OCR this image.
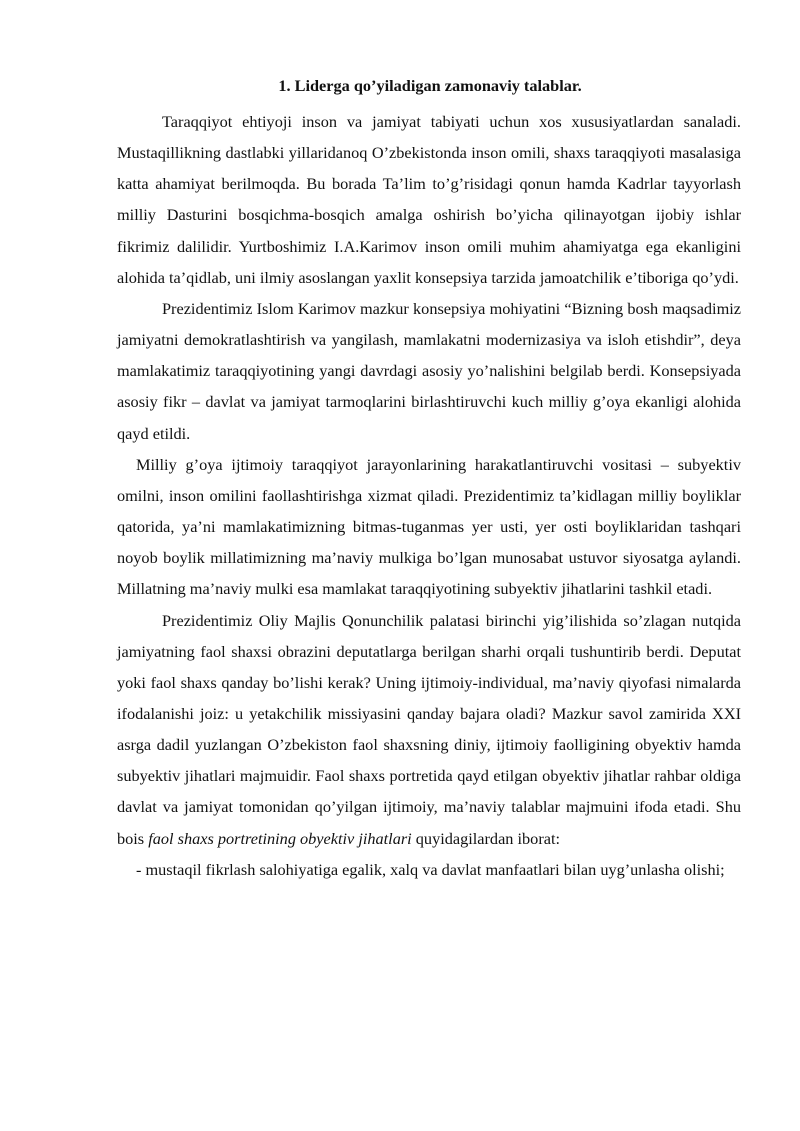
1. Liderga qo’yiladigan zamonaviy talablar.

Taraqqiyot ehtiyoji inson va jamiyat tabiyati uchun xos xususiyatlardan sanaladi. Mustaqillikning dastlabki yillaridanoq O’zbekistonda inson omili, shaxs taraqqiyoti masalasiga katta ahamiyat berilmoqda. Bu borada Ta’lim to’g’risidagi qonun hamda Kadrlar tayyorlash milliy Dasturini bosqichma-bosqich amalga oshirish bo’yicha qilinayotgan ijobiy ishlar fikrimiz dalilidir. Yurtboshimiz I.A.Karimov inson omili muhim ahamiyatga ega ekanligini alohida ta’qidlab, uni ilmiy asoslangan yaxlit konsepsiya tarzida jamoatchilik e’tiboriga qo’ydi.

Prezidentimiz Islom Karimov mazkur konsepsiya mohiyatini “Bizning bosh maqsadimiz jamiyatni demokratlashtirish va yangilash, mamlakatni modernizasiya va isloh etishdir”, deya mamlakatimiz taraqqiyotining yangi davrdagi asosiy yo’nalishini belgilab berdi. Konsepsiyada asosiy fikr – davlat va jamiyat tarmoqlarini birlashtiruvchi kuch milliy g’oya ekanligi alohida qayd etildi.

Milliy g’oya ijtimoiy taraqqiyot jarayonlarining harakatlantiruvchi vositasi – subyektiv omilni, inson omilini faollashtirishga xizmat qiladi. Prezidentimiz ta’kidlagan milliy boyliklar qatorida, ya’ni mamlakatimizning bitmas-tuganmas yer usti, yer osti boyliklaridan tashqari noyob boylik millatimizning ma’naviy mulkiga bo’lgan munosabat ustuvor siyosatga aylandi. Millatning ma’naviy mulki esa mamlakat taraqqiyotining subyektiv jihatlarini tashkil etadi.

Prezidentimiz Oliy Majlis Qonunchilik palatasi birinchi yig’ilishida so’zlagan nutqida jamiyatning faol shaxsi obrazini deputatlarga berilgan sharhi orqali tushuntirib berdi. Deputat yoki faol shaxs qanday bo’lishi kerak? Uning ijtimoiy-individual, ma’naviy qiyofasi nimalarda ifodalanishi joiz: u yetakchilik missiyasini qanday bajara oladi? Mazkur savol zamirida XXI asrga dadil yuzlangan O’zbekiston faol shaxsning diniy, ijtimoiy faolligining obyektiv hamda subyektiv jihatlari majmuidir. Faol shaxs portretida qayd etilgan obyektiv jihatlar rahbar oldiga davlat va jamiyat tomonidan qo’yilgan ijtimoiy, ma’naviy talablar majmuini ifoda etadi. Shu bois faol shaxs portretining obyektiv jihatlari quyidagilardan iborat:

- mustaqil fikrlash salohiyatiga egalik, xalq va davlat manfaatlari bilan uyg’unlasha olishi;
